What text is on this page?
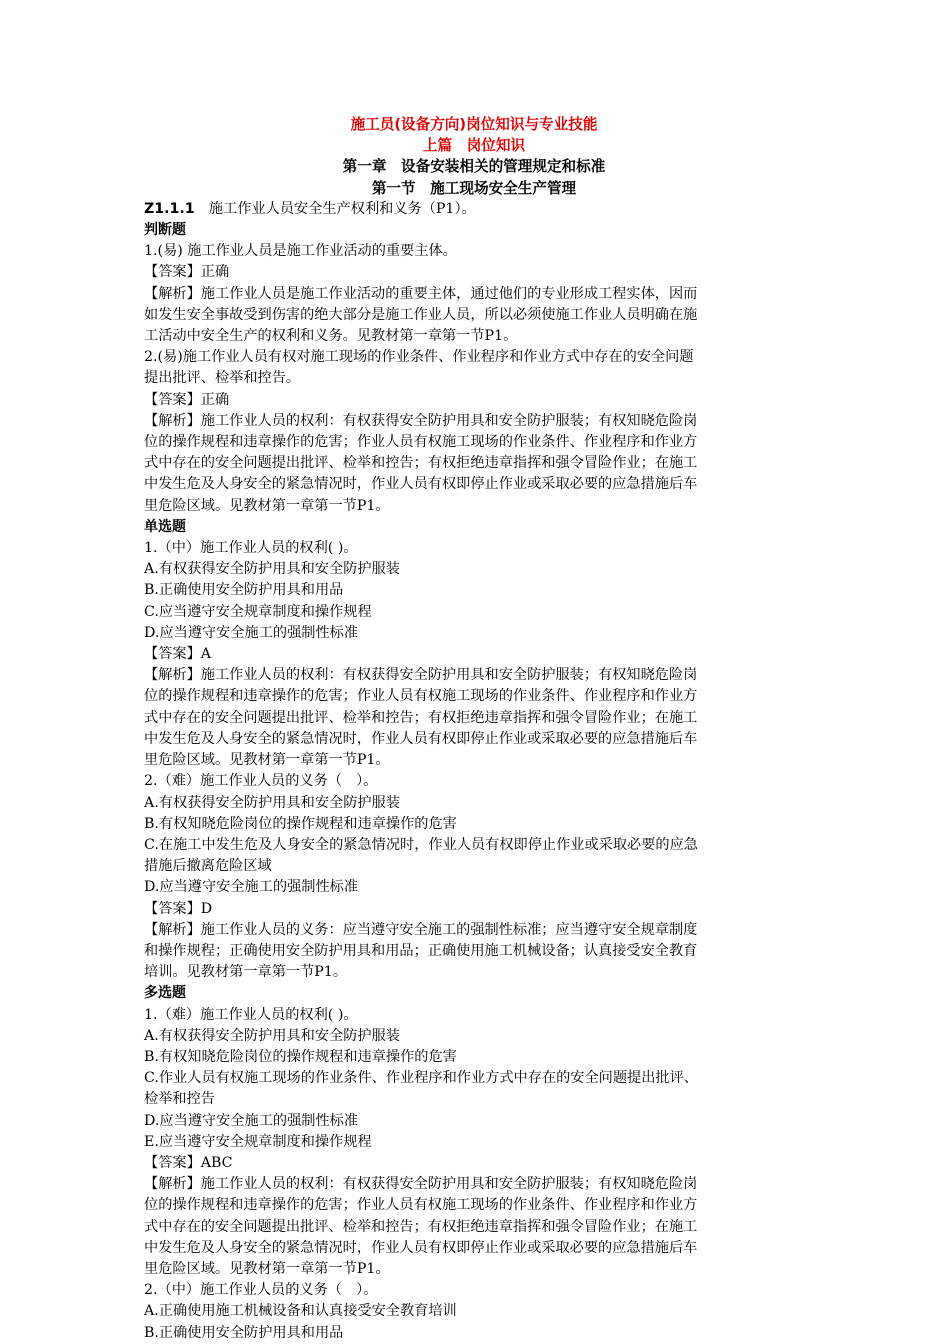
施工员(设备方向)岗位知识与专业技能
上篇　岗位知识
第一章　设备安装相关的管理规定和标准
第一节　施工现场安全生产管理
Z1.1.1　施工作业人员安全生产权利和义务（P1）。
判断题
1.(易) 施工作业人员是施工作业活动的重要主体。
【答案】正确
【解析】施工作业人员是施工作业活动的重要主体，通过他们的专业形成工程实体，因而
如发生安全事故受到伤害的绝大部分是施工作业人员，所以必须使施工作业人员明确在施
工活动中安全生产的权利和义务。见教材第一章第一节P1。
2.(易)施工作业人员有权对施工现场的作业条件、作业程序和作业方式中存在的安全问题
提出批评、检举和控告。
【答案】正确
【解析】施工作业人员的权利：有权获得安全防护用具和安全防护服装；有权知晓危险岗
位的操作规程和违章操作的危害；作业人员有权施工现场的作业条件、作业程序和作业方
式中存在的安全问题提出批评、检举和控告；有权拒绝违章指挥和强令冒险作业；在施工
中发生危及人身安全的紧急情况时，作业人员有权即停止作业或采取必要的应急措施后车
里危险区域。见教材第一章第一节P1。
单选题
1.（中）施工作业人员的权利( )。
A.有权获得安全防护用具和安全防护服装
B.正确使用安全防护用具和用品
C.应当遵守安全规章制度和操作规程
D.应当遵守安全施工的强制性标准
【答案】A
【解析】施工作业人员的权利：有权获得安全防护用具和安全防护服装；有权知晓危险岗
位的操作规程和违章操作的危害；作业人员有权施工现场的作业条件、作业程序和作业方
式中存在的安全问题提出批评、检举和控告；有权拒绝违章指挥和强令冒险作业；在施工
中发生危及人身安全的紧急情况时，作业人员有权即停止作业或采取必要的应急措施后车
里危险区域。见教材第一章第一节P1。
2.（难）施工作业人员的义务（　）。
A.有权获得安全防护用具和安全防护服装
B.有权知晓危险岗位的操作规程和违章操作的危害
C.在施工中发生危及人身安全的紧急情况时，作业人员有权即停止作业或采取必要的应急
措施后撤离危险区域
D.应当遵守安全施工的强制性标准
【答案】D
【解析】施工作业人员的义务：应当遵守安全施工的强制性标准；应当遵守安全规章制度
和操作规程；正确使用安全防护用具和用品；正确使用施工机械设备；认真接受安全教育
培训。见教材第一章第一节P1。
多选题
1.（难）施工作业人员的权利( )。
A.有权获得安全防护用具和安全防护服装
B.有权知晓危险岗位的操作规程和违章操作的危害
C.作业人员有权施工现场的作业条件、作业程序和作业方式中存在的安全问题提出批评、
检举和控告
D.应当遵守安全施工的强制性标准
E.应当遵守安全规章制度和操作规程
【答案】ABC
【解析】施工作业人员的权利：有权获得安全防护用具和安全防护服装；有权知晓危险岗
位的操作规程和违章操作的危害；作业人员有权施工现场的作业条件、作业程序和作业方
式中存在的安全问题提出批评、检举和控告；有权拒绝违章指挥和强令冒险作业；在施工
中发生危及人身安全的紧急情况时，作业人员有权即停止作业或采取必要的应急措施后车
里危险区域。见教材第一章第一节P1。
2.（中）施工作业人员的义务（　）。
A.正确使用施工机械设备和认真接受安全教育培训
B.正确使用安全防护用具和用品
